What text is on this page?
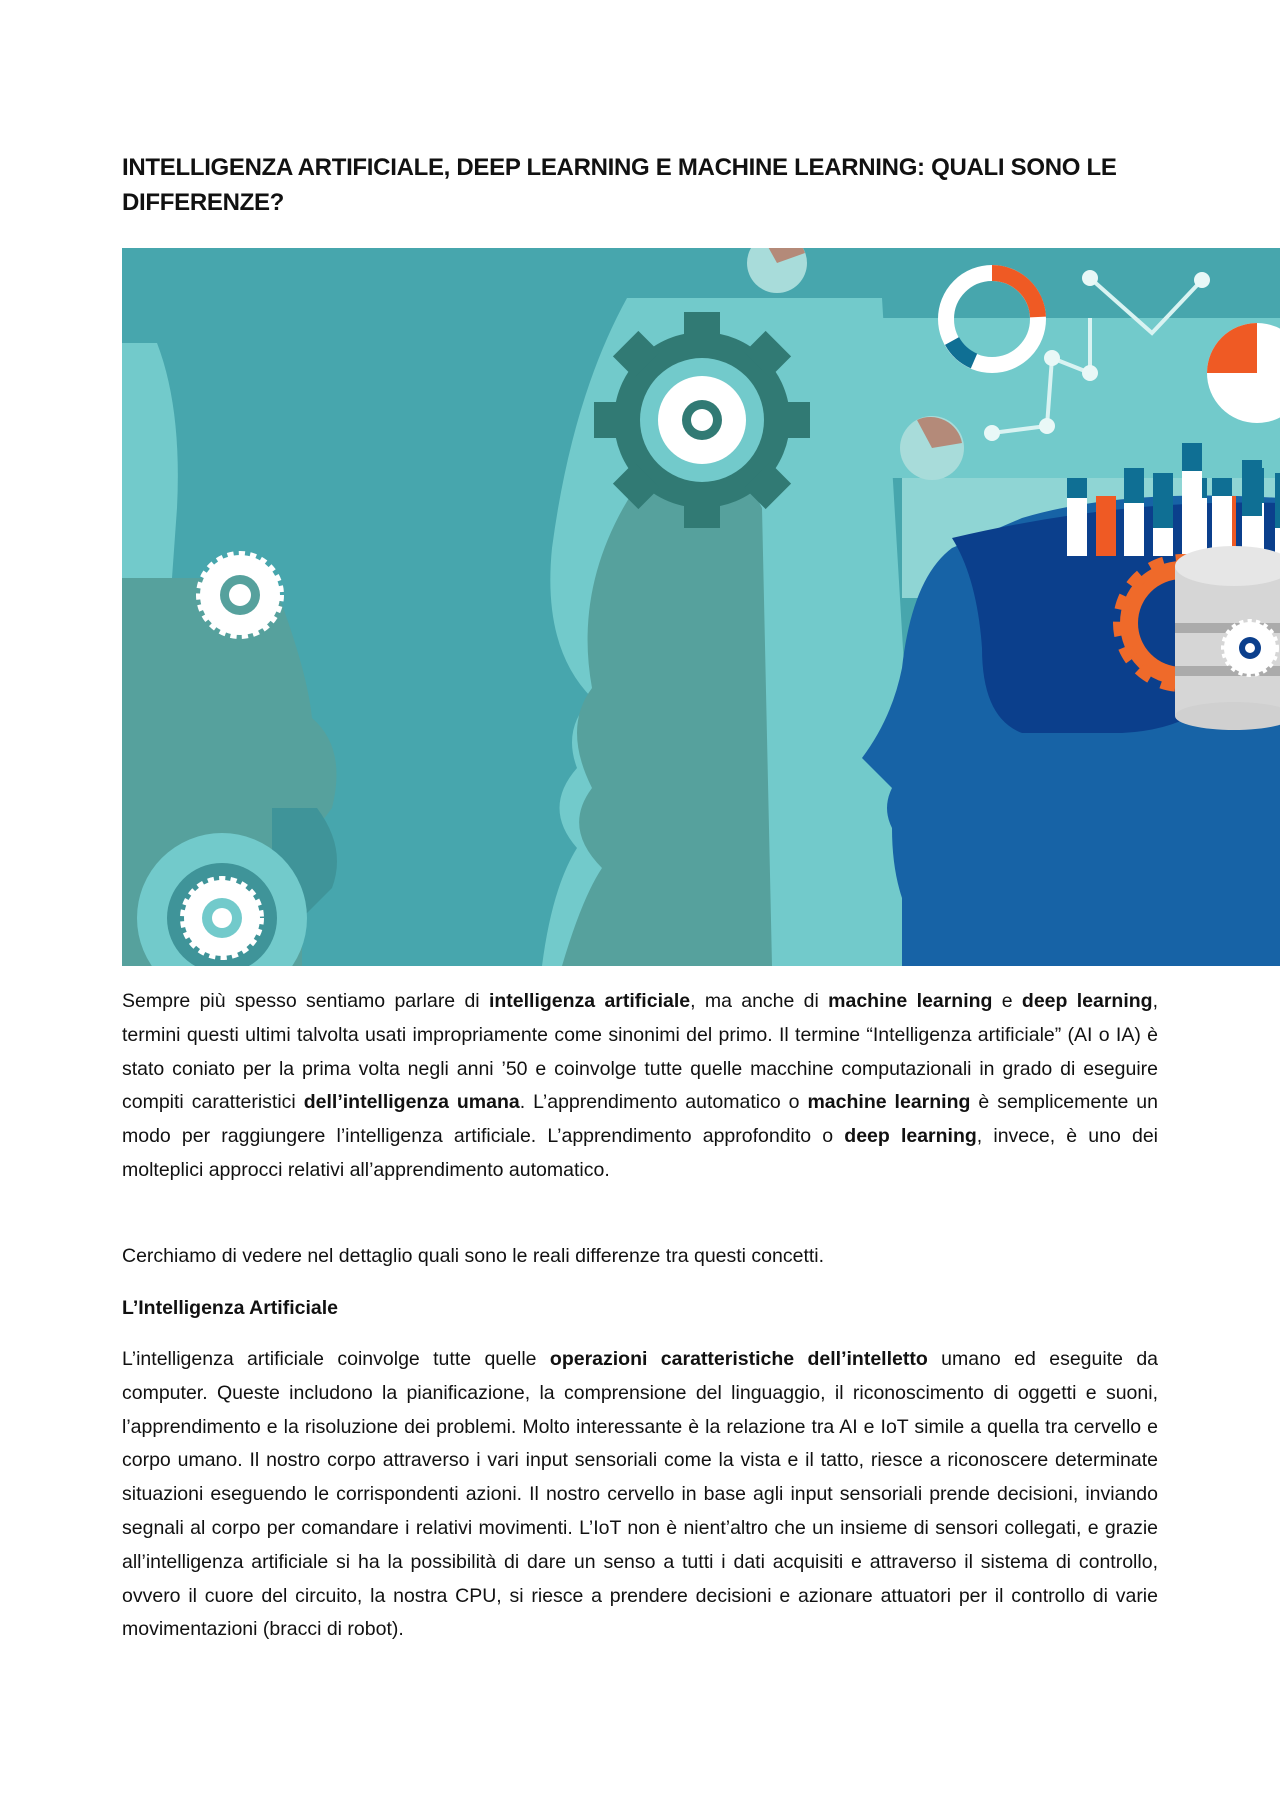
INTELLIGENZA ARTIFICIALE, DEEP LEARNING E MACHINE LEARNING: QUALI SONO LE DIFFERENZE?

Sempre più spesso sentiamo parlare di intelligenza artificiale, ma anche di machine learning e deep learning, termini questi ultimi talvolta usati impropriamente come sinonimi del primo. Il termine “Intelligenza artificiale” (AI o IA) è stato coniato per la prima volta negli anni ’50 e coinvolge tutte quelle macchine computazionali in grado di eseguire compiti caratteristici dell’intelligenza umana. L’apprendimento automatico o machine learning è semplicemente un modo per raggiungere l’intelligenza artificiale. L’apprendimento approfondito o deep learning, invece, è uno dei molteplici approcci relativi all’apprendimento automatico.

Cerchiamo di vedere nel dettaglio quali sono le reali differenze tra questi concetti.

L’Intelligenza Artificiale

L’intelligenza artificiale coinvolge tutte quelle operazioni caratteristiche dell’intelletto umano ed eseguite da computer. Queste includono la pianificazione, la comprensione del linguaggio, il riconoscimento di oggetti e suoni, l’apprendimento e la risoluzione dei problemi. Molto interessante è la relazione tra AI e IoT simile a quella tra cervello e corpo umano. Il nostro corpo attraverso i vari input sensoriali come la vista e il tatto, riesce a riconoscere determinate situazioni eseguendo le corrispondenti azioni. Il nostro cervello in base agli input sensoriali prende decisioni, inviando segnali al corpo per comandare i relativi movimenti. L’IoT non è nient’altro che un insieme di sensori collegati, e grazie all’intelligenza artificiale si ha la possibilità di dare un senso a tutti i dati acquisiti e attraverso il sistema di controllo, ovvero il cuore del circuito, la nostra CPU, si riesce a prendere decisioni e azionare attuatori per il controllo di varie movimentazioni (bracci di robot).
